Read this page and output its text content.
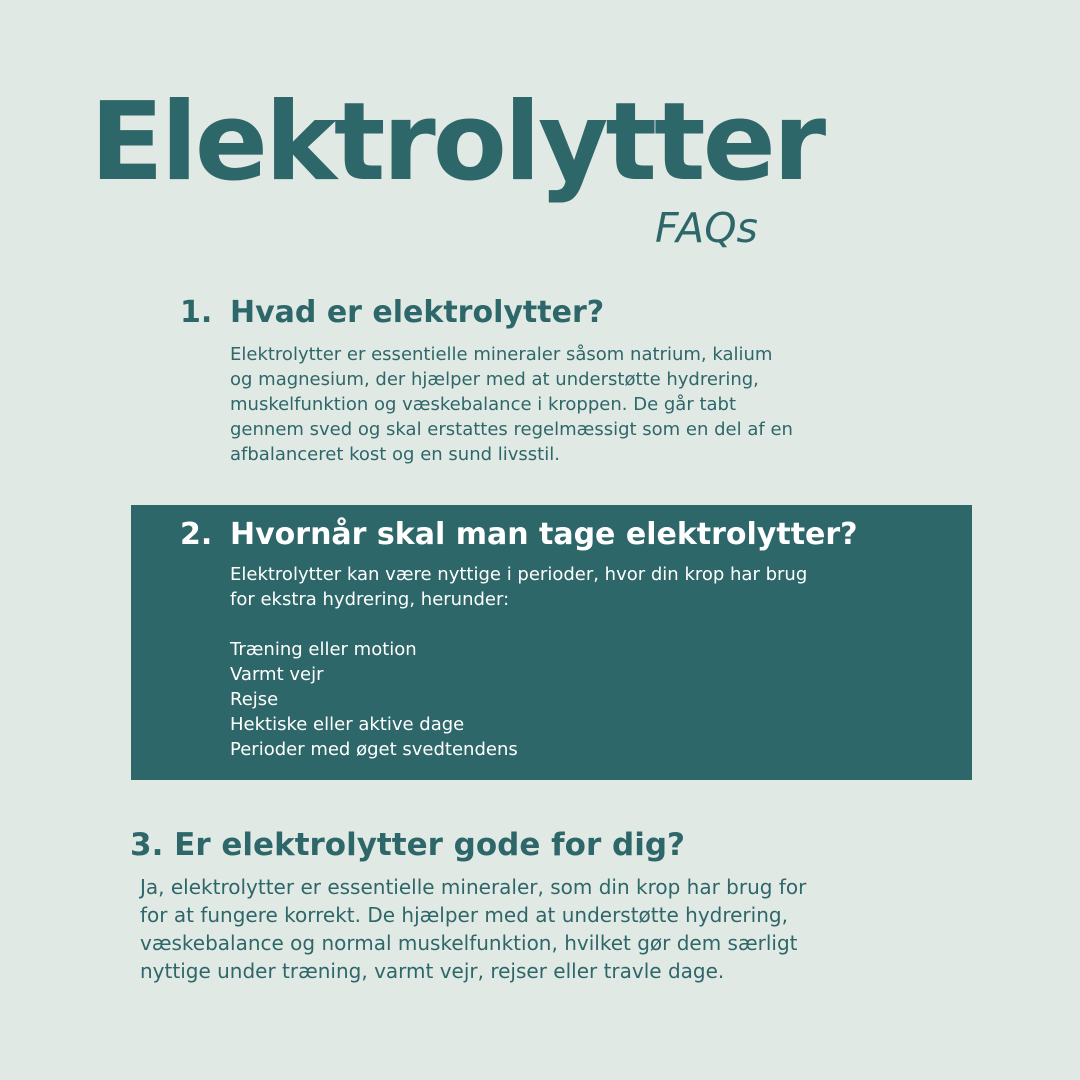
Elektrolytter
FAQs
1. Hvad er elektrolytter?
Elektrolytter er essentielle mineraler såsom natrium, kalium
og magnesium, der hjælper med at understøtte hydrering,
muskelfunktion og væskebalance i kroppen. De går tabt
gennem sved og skal erstattes regelmæssigt som en del af en
afbalanceret kost og en sund livsstil.
2. Hvornår skal man tage elektrolytter?
Elektrolytter kan være nyttige i perioder, hvor din krop har brug
for ekstra hydrering, herunder:
Træning eller motion
Varmt vejr
Rejse
Hektiske eller aktive dage
Perioder med øget svedtendens
3. Er elektrolytter gode for dig?
Ja, elektrolytter er essentielle mineraler, som din krop har brug for
for at fungere korrekt. De hjælper med at understøtte hydrering,
væskebalance og normal muskelfunktion, hvilket gør dem særligt
nyttige under træning, varmt vejr, rejser eller travle dage.
